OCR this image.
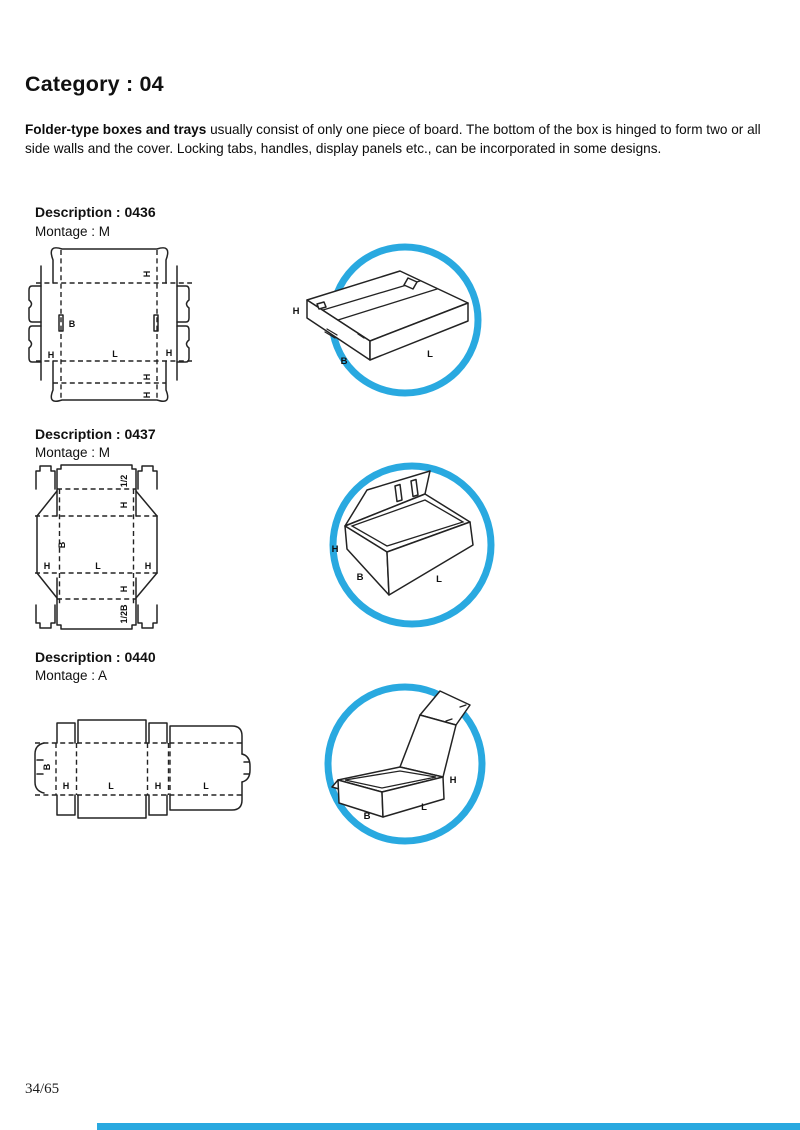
Category : 04

Folder-type boxes and trays usually consist of only one piece of board. The bottom of the box is hinged to form two or all side walls and the cover. Locking tabs, handles, display panels etc., can be incorporated in some designs.

Description : 0436
Montage : M
H
B
H	L	H
H
H
H
B
L
Description : 0437
Montage : M
1/2
H
B
H	L	H
H
1/2B
H
B	L
Description : 0440
Montage : A
B
H	L	H	L	H
L
B
34/65
